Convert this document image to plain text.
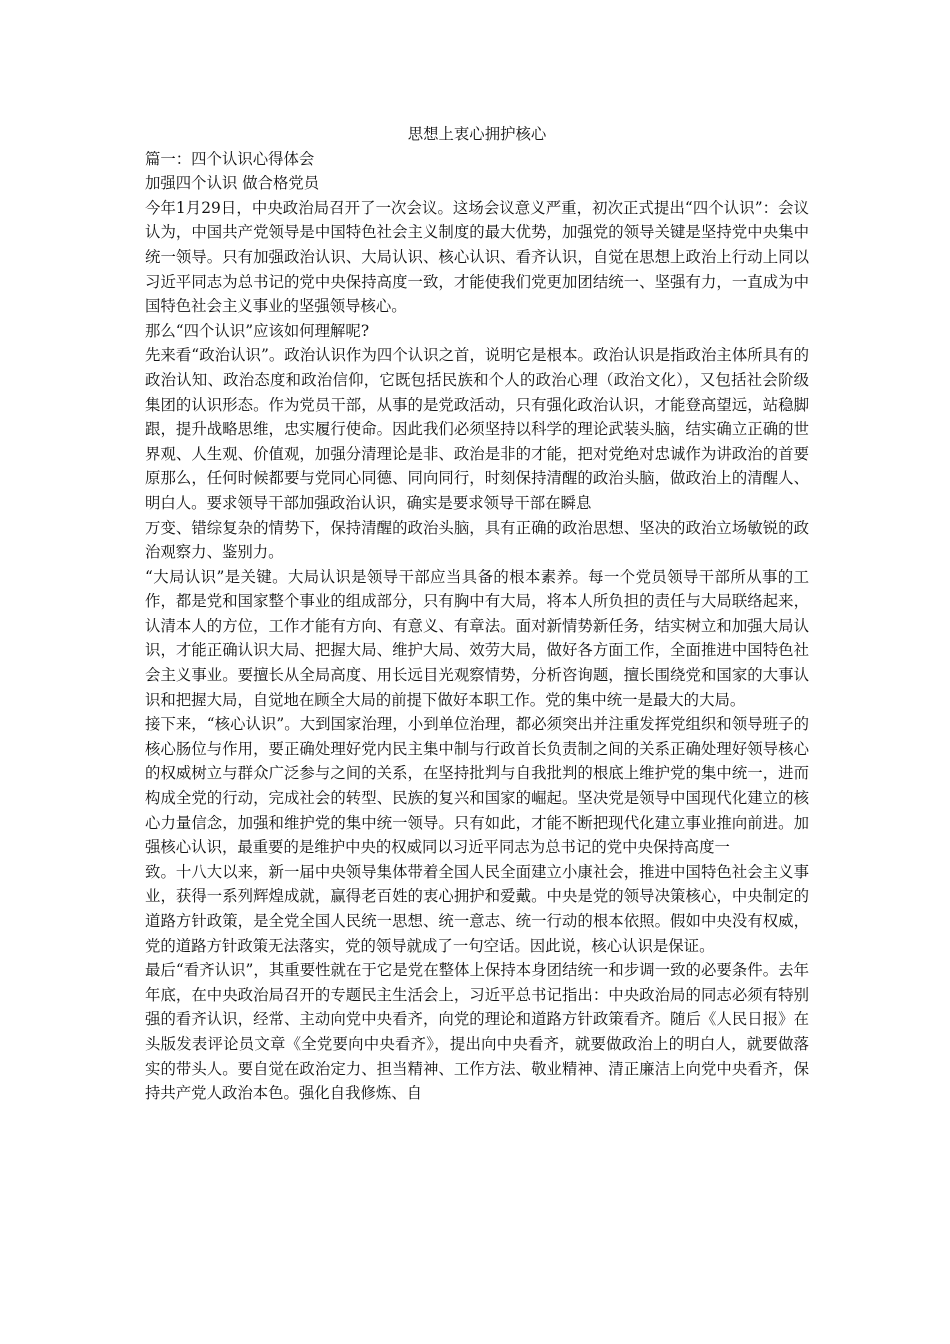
思想上衷心拥护核心

篇一：四个认识心得体会

加强四个认识 做合格党员

今年1月29日，中央政治局召开了一次会议。这场会议意义严重，初次正式提出“四个认识”：会议认为，中国共产党领导是中国特色社会主义制度的最大优势，加强党的领导关键是坚持党中央集中统一领导。只有加强政治认识、大局认识、核心认识、看齐认识，自觉在思想上政治上行动上同以习近平同志为总书记的党中央保持高度一致，才能使我们党更加团结统一、坚强有力，一直成为中国特色社会主义事业的坚强领导核心。

那么“四个认识”应该如何理解呢?

先来看“政治认识”。政治认识作为四个认识之首，说明它是根本。政治认识是指政治主体所具有的政治认知、政治态度和政治信仰，它既包括民族和个人的政治心理（政治文化），又包括社会阶级集团的认识形态。作为党员干部，从事的是党政活动，只有强化政治认识，才能登高望远，站稳脚跟，提升战略思维，忠实履行使命。因此我们必须坚持以科学的理论武装头脑，结实确立正确的世界观、人生观、价值观，加强分清理论是非、政治是非的才能，把对党绝对忠诚作为讲政治的首要原那么，任何时候都要与党同心同德、同向同行，时刻保持清醒的政治头脑，做政治上的清醒人、明白人。要求领导干部加强政治认识，确实是要求领导干部在瞬息

万变、错综复杂的情势下，保持清醒的政治头脑，具有正确的政治思想、坚决的政治立场敏锐的政治观察力、鉴别力。

“大局认识”是关键。大局认识是领导干部应当具备的根本素养。每一个党员领导干部所从事的工作，都是党和国家整个事业的组成部分，只有胸中有大局，将本人所负担的责任与大局联络起来，认清本人的方位，工作才能有方向、有意义、有章法。面对新情势新任务，结实树立和加强大局认识，才能正确认识大局、把握大局、维护大局、效劳大局，做好各方面工作，全面推进中国特色社会主义事业。要擅长从全局高度、用长远目光观察情势，分析咨询题，擅长围绕党和国家的大事认识和把握大局，自觉地在顾全大局的前提下做好本职工作。党的集中统一是最大的大局。

接下来，“核心认识”。大到国家治理，小到单位治理，都必须突出并注重发挥党组织和领导班子的核心肠位与作用，要正确处理好党内民主集中制与行政首长负责制之间的关系正确处理好领导核心的权威树立与群众广泛参与之间的关系，在坚持批判与自我批判的根底上维护党的集中统一，进而构成全党的行动，完成社会的转型、民族的复兴和国家的崛起。坚决党是领导中国现代化建立的核心力量信念，加强和维护党的集中统一领导。只有如此，才能不断把现代化建立事业推向前进。加强核心认识，最重要的是维护中央的权威同以习近平同志为总书记的党中央保持高度一

致。十八大以来，新一届中央领导集体带着全国人民全面建立小康社会，推进中国特色社会主义事业，获得一系列辉煌成就，赢得老百姓的衷心拥护和爱戴。中央是党的领导决策核心，中央制定的道路方针政策，是全党全国人民统一思想、统一意志、统一行动的根本依照。假如中央没有权威，党的道路方针政策无法落实，党的领导就成了一句空话。因此说，核心认识是保证。

最后“看齐认识”，其重要性就在于它是党在整体上保持本身团结统一和步调一致的必要条件。去年年底，在中央政治局召开的专题民主生活会上，习近平总书记指出：中央政治局的同志必须有特别强的看齐认识，经常、主动向党中央看齐，向党的理论和道路方针政策看齐。随后《人民日报》在头版发表评论员文章《全党要向中央看齐》，提出向中央看齐，就要做政治上的明白人，就要做落实的带头人。要自觉在政治定力、担当精神、工作方法、敬业精神、清正廉洁上向党中央看齐，保持共产党人政治本色。强化自我修炼、自
